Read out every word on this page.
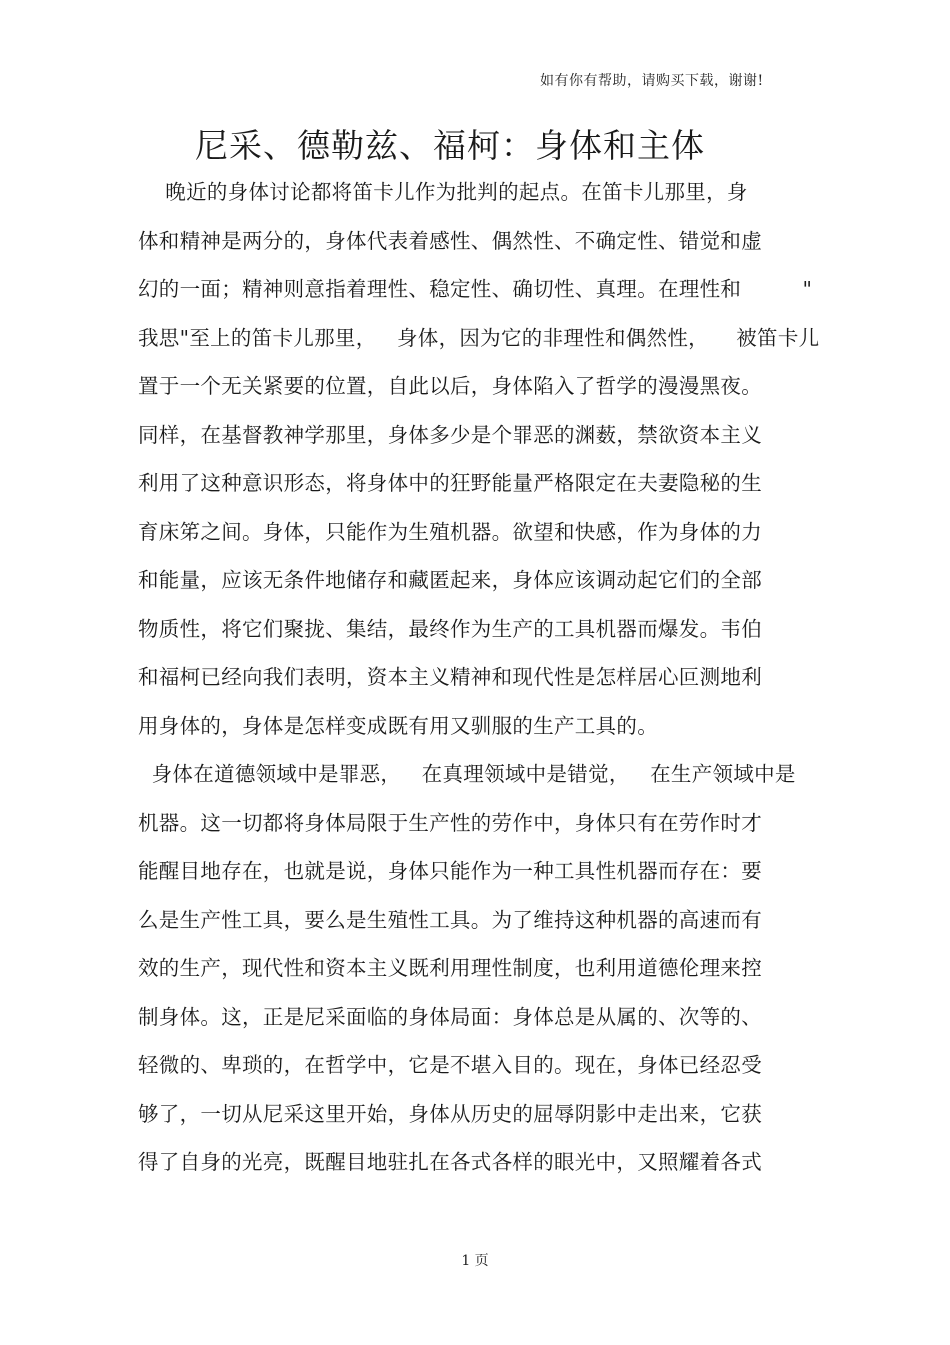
如有你有帮助，请购买下载，谢谢!
尼采、德勒兹、福柯：身体和主体
晚近的身体讨论都将笛卡儿作为批判的起点。在笛卡儿那里，身
体和精神是两分的，身体代表着感性、偶然性、不确定性、错觉和虚
幻的一面；精神则意指着理性、稳定性、确切性、真理。在理性和         "
我思"至上的笛卡儿那里，   身体，因为它的非理性和偶然性，    被笛卡儿
置于一个无关紧要的位置，自此以后，身体陷入了哲学的漫漫黑夜。
同样，在基督教神学那里，身体多少是个罪恶的渊薮，禁欲资本主义
利用了这种意识形态，将身体中的狂野能量严格限定在夫妻隐秘的生
育床笫之间。身体，只能作为生殖机器。欲望和快感，作为身体的力
和能量，应该无条件地储存和藏匿起来，身体应该调动起它们的全部
物质性，将它们聚拢、集结，最终作为生产的工具机器而爆发。韦伯
和福柯已经向我们表明，资本主义精神和现代性是怎样居心叵测地利
用身体的，身体是怎样变成既有用又驯服的生产工具的。
身体在道德领域中是罪恶，   在真理领域中是错觉，   在生产领域中是
机器。这一切都将身体局限于生产性的劳作中，身体只有在劳作时才
能醒目地存在，也就是说，身体只能作为一种工具性机器而存在：要
么是生产性工具，要么是生殖性工具。为了维持这种机器的高速而有
效的生产，现代性和资本主义既利用理性制度，也利用道德伦理来控
制身体。这，正是尼采面临的身体局面：身体总是从属的、次等的、
轻微的、卑琐的，在哲学中，它是不堪入目的。现在，身体已经忍受
够了，一切从尼采这里开始，身体从历史的屈辱阴影中走出来，它获
得了自身的光亮，既醒目地驻扎在各式各样的眼光中，又照耀着各式
1 页
